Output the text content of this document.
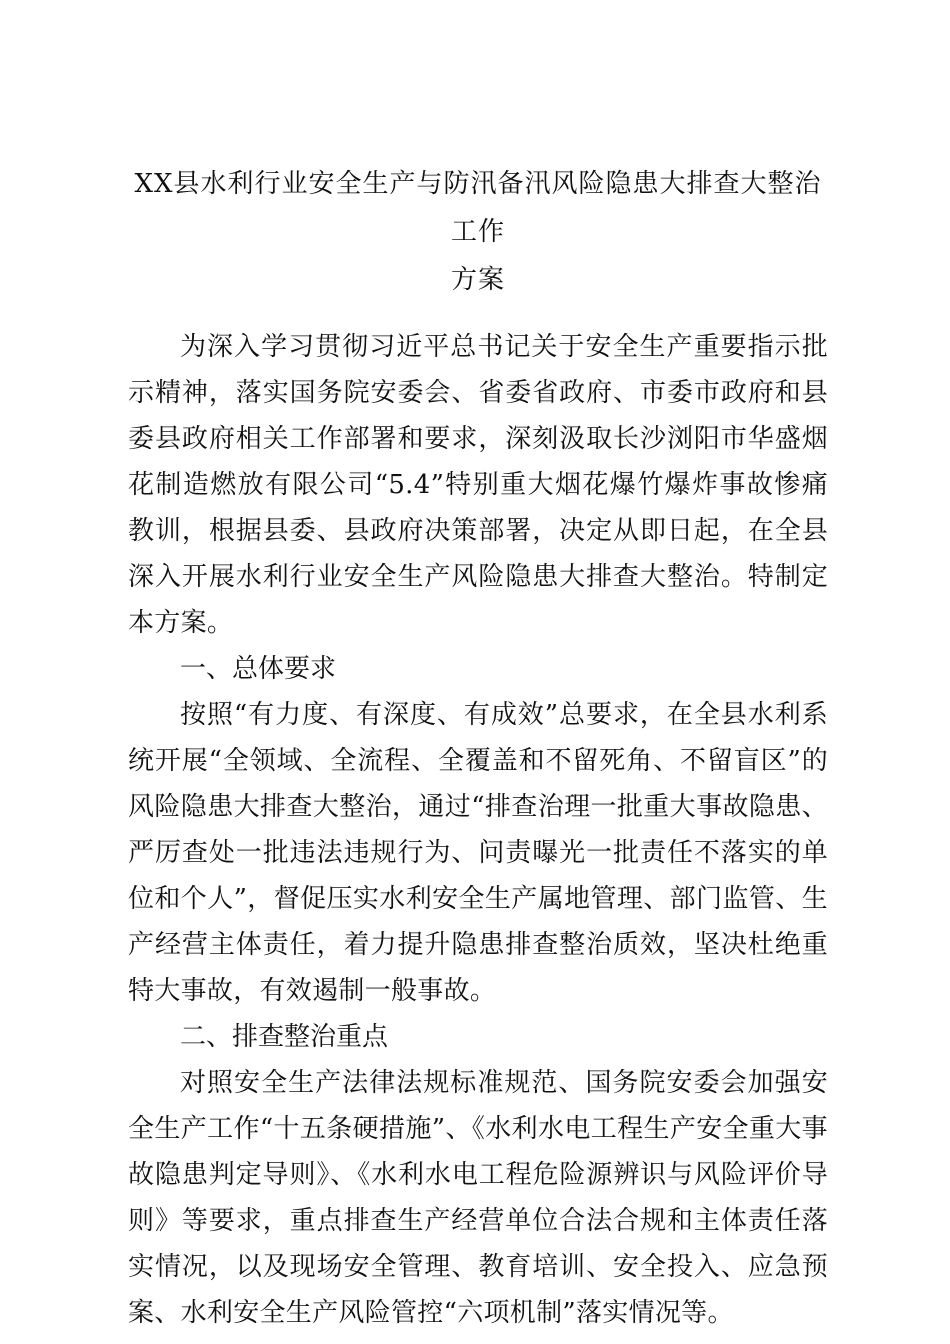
XX县水利行业安全生产与防汛备汛风险隐患大排查大整治工作
方案

为深入学习贯彻习近平总书记关于安全生产重要指示批示精神，落实国务院安委会、省委省政府、市委市政府和县委县政府相关工作部署和要求，深刻汲取长沙浏阳市华盛烟花制造燃放有限公司“5.4”特别重大烟花爆竹爆炸事故惨痛教训，根据县委、县政府决策部署，决定从即日起，在全县深入开展水利行业安全生产风险隐患大排查大整治。特制定本方案。

一、总体要求

按照“有力度、有深度、有成效”总要求，在全县水利系统开展“全领域、全流程、全覆盖和不留死角、不留盲区”的风险隐患大排查大整治，通过“排查治理一批重大事故隐患、严厉查处一批违法违规行为、问责曝光一批责任不落实的单位和个人”，督促压实水利安全生产属地管理、部门监管、生产经营主体责任，着力提升隐患排查整治质效，坚决杜绝重特大事故，有效遏制一般事故。

二、排查整治重点

对照安全生产法律法规标准规范、国务院安委会加强安全生产工作“十五条硬措施”、《水利水电工程生产安全重大事故隐患判定导则》、《水利水电工程危险源辨识与风险评价导则》等要求，重点排查生产经营单位合法合规和主体责任落实情况，以及现场安全管理、教育培训、安全投入、应急预案、水利安全生产风险管控“六项机制”落实情况等。
